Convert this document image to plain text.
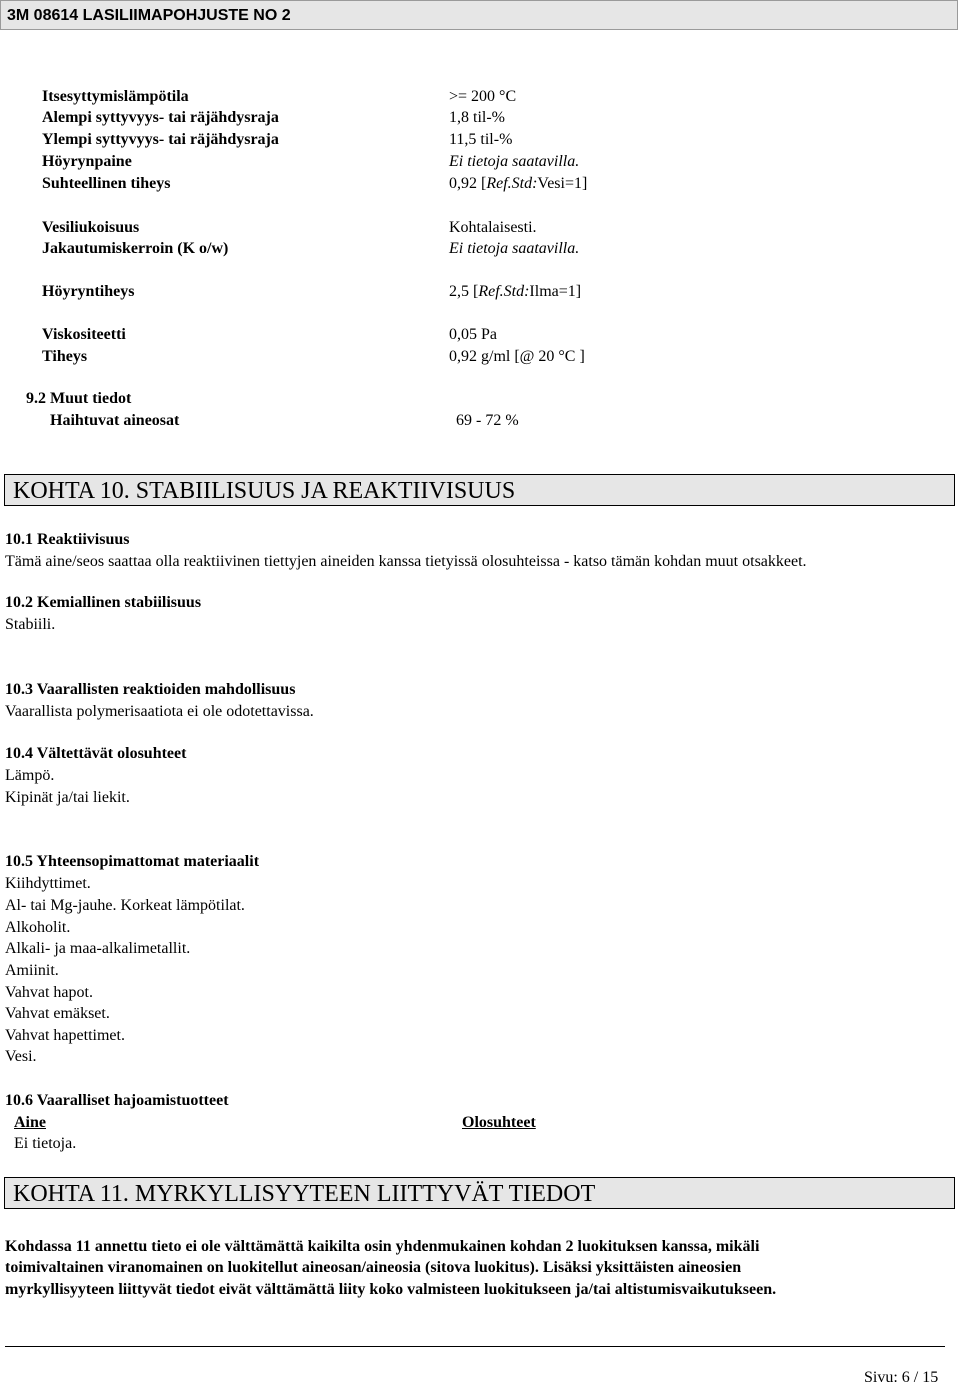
3M 08614 LASILIIMAPOHJUSTE NO 2
Itsesyttymislämpötila	>= 200 °C
Alempi syttyvyys- tai räjähdysraja	1,8 til-%
Ylempi syttyvyys- tai räjähdysraja	11,5 til-%
Höyrynpaine	Ei tietoja saatavilla.
Suhteellinen tiheys	0,92 [Ref.Std:Vesi=1]
Vesiliukoisuus	Kohtalaisesti.
Jakautumiskerroin (K o/w)	Ei tietoja saatavilla.
Höyryntiheys	2,5 [Ref.Std:Ilma=1]
Viskositeetti	0,05 Pa
Tiheys	0,92 g/ml [@ 20 °C ]
9.2 Muut tiedot
Haihtuvat aineosat	69 - 72 %
KOHTA 10. STABIILISUUS JA REAKTIIVISUUS
10.1 Reaktiivisuus
Tämä aine/seos saattaa olla reaktiivinen tiettyjen aineiden kanssa tietyissä olosuhteissa - katso tämän kohdan muut otsakkeet.
10.2 Kemiallinen stabiilisuus
Stabiili.
10.3 Vaarallisten reaktioiden mahdollisuus
Vaarallista polymerisaatiota ei ole odotettavissa.
10.4 Vältettävät olosuhteet
Lämpö.
Kipinät ja/tai liekit.
10.5 Yhteensopimattomat materiaalit
Kiihdyttimet.
Al- tai Mg-jauhe. Korkeat lämpötilat.
Alkoholit.
Alkali- ja maa-alkalimetallit.
Amiinit.
Vahvat hapot.
Vahvat emäkset.
Vahvat hapettimet.
Vesi.
10.6 Vaaralliset hajoamistuotteet
Aine	Olosuhteet
Ei tietoja.
KOHTA 11. MYRKYLLISYYTEEN LIITTYVÄT TIEDOT
Kohdassa 11 annettu tieto ei ole välttämättä kaikilta osin yhdenmukainen kohdan 2 luokituksen kanssa, mikäli
toimivaltainen viranomainen on luokitellut aineosan/aineosia (sitova luokitus). Lisäksi yksittäisten aineosien
myrkyllisyyteen liittyvät tiedot eivät välttämättä liity koko valmisteen luokitukseen ja/tai altistumisvaikutukseen.
Sivu: 6 / 15
